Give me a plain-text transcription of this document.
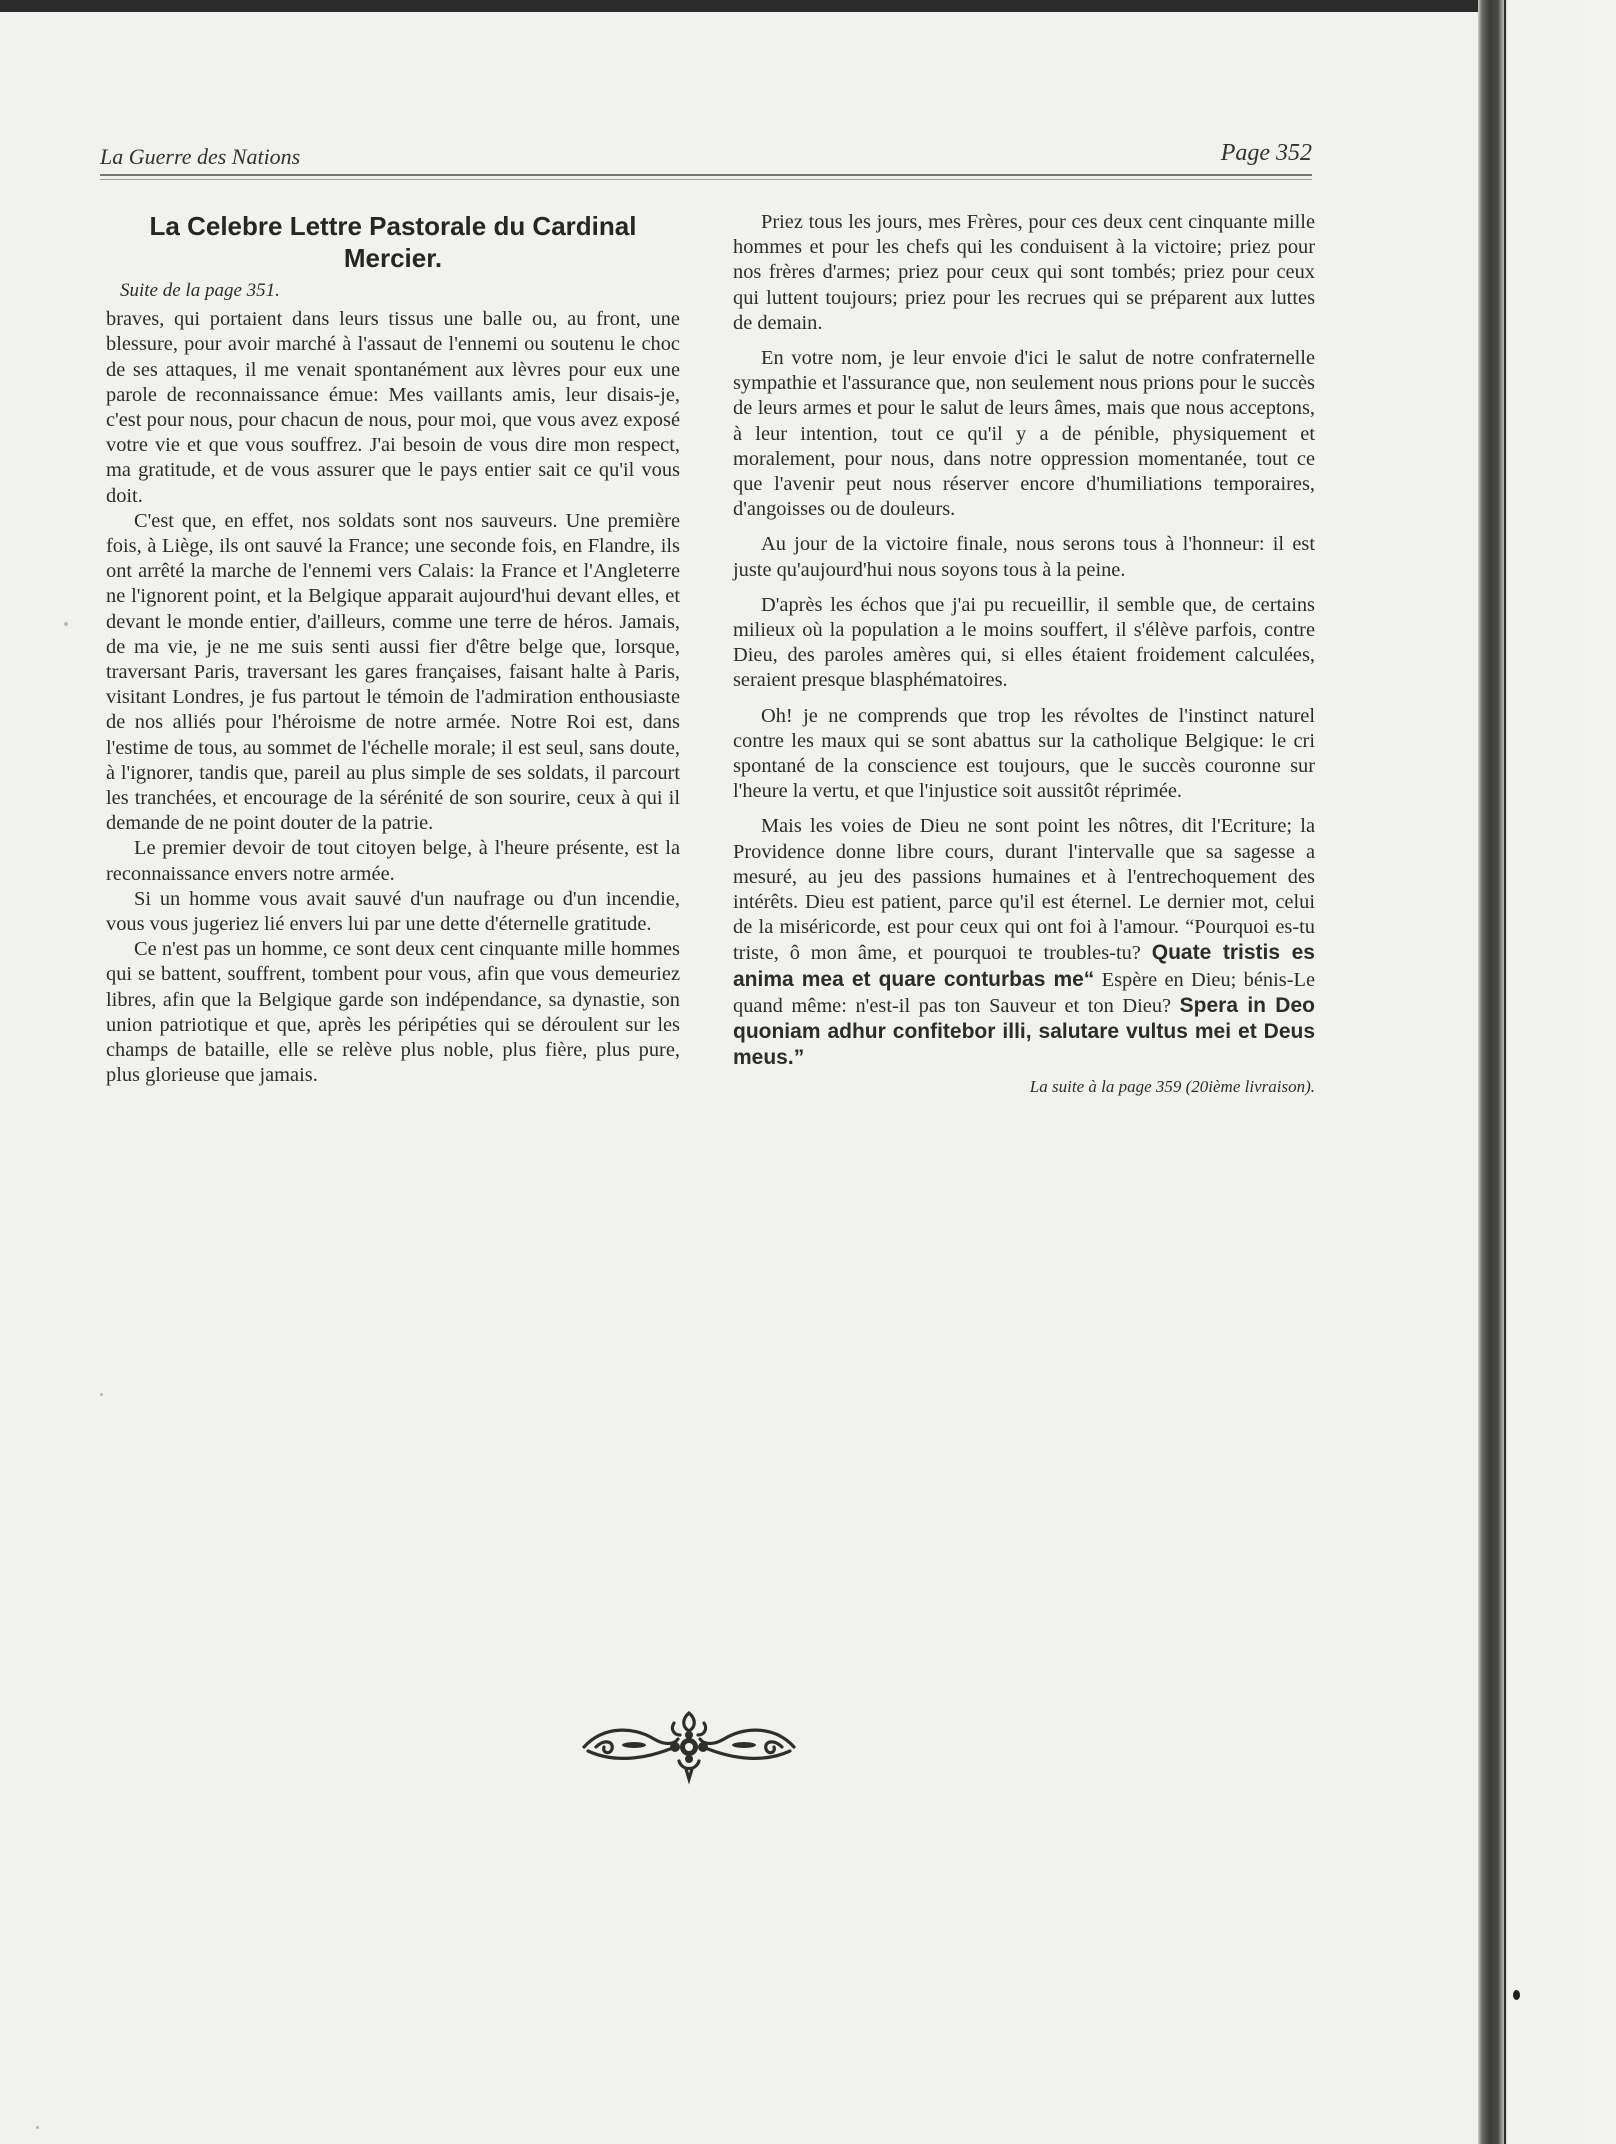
La Guerre des Nations	Page 352
La Celebre Lettre Pastorale du Cardinal Mercier.
Suite de la page 351.

braves, qui portaient dans leurs tissus une balle ou, au front, une blessure, pour avoir marché à l'assaut de l'ennemi ou soutenu le choc de ses attaques, il me venait spontanément aux lèvres pour eux une parole de reconnaissance émue: Mes vaillants amis, leur disais-je, c'est pour nous, pour chacun de nous, pour moi, que vous avez exposé votre vie et que vous souffrez. J'ai besoin de vous dire mon respect, ma gratitude, et de vous assurer que le pays entier sait ce qu'il vous doit.

C'est que, en effet, nos soldats sont nos sauveurs. Une première fois, à Liège, ils ont sauvé la France; une seconde fois, en Flandre, ils ont arrêté la marche de l'ennemi vers Calais: la France et l'Angleterre ne l'ignorent point, et la Belgique apparait aujourd'hui devant elles, et devant le monde entier, d'ailleurs, comme une terre de héros. Jamais, de ma vie, je ne me suis senti aussi fier d'être belge que, lorsque, traversant Paris, traversant les gares françaises, faisant halte à Paris, visitant Londres, je fus partout le témoin de l'admiration enthousiaste de nos alliés pour l'héroisme de notre armée. Notre Roi est, dans l'estime de tous, au sommet de l'échelle morale; il est seul, sans doute, à l'ignorer, tandis que, pareil au plus simple de ses soldats, il parcourt les tranchées, et encourage de la sérénité de son sourire, ceux à qui il demande de ne point douter de la patrie.

Le premier devoir de tout citoyen belge, à l'heure présente, est la reconnaissance envers notre armée.

Si un homme vous avait sauvé d'un naufrage ou d'un incendie, vous vous jugeriez lié envers lui par une dette d'éternelle gratitude.

Ce n'est pas un homme, ce sont deux cent cinquante mille hommes qui se battent, souffrent, tombent pour vous, afin que vous demeuriez libres, afin que la Belgique garde son indépendance, sa dynastie, son union patriotique et que, après les péripéties qui se déroulent sur les champs de bataille, elle se relève plus noble, plus fière, plus pure, plus glorieuse que jamais.

Priez tous les jours, mes Frères, pour ces deux cent cinquante mille hommes et pour les chefs qui les conduisent à la victoire; priez pour nos frères d'armes; priez pour ceux qui sont tombés; priez pour ceux qui luttent toujours; priez pour les recrues qui se préparent aux luttes de demain.

En votre nom, je leur envoie d'ici le salut de notre confraternelle sympathie et l'assurance que, non seulement nous prions pour le succès de leurs armes et pour le salut de leurs âmes, mais que nous acceptons, à leur intention, tout ce qu'il y a de pénible, physiquement et moralement, pour nous, dans notre oppression momentanée, tout ce que l'avenir peut nous réserver encore d'humiliations temporaires, d'angoisses ou de douleurs.

Au jour de la victoire finale, nous serons tous à l'honneur: il est juste qu'aujourd'hui nous soyons tous à la peine.

D'après les échos que j'ai pu recueillir, il semble que, de certains milieux où la population a le moins souffert, il s'élève parfois, contre Dieu, des paroles amères qui, si elles étaient froidement calculées, seraient presque blasphématoires.

Oh! je ne comprends que trop les révoltes de l'instinct naturel contre les maux qui se sont abattus sur la catholique Belgique: le cri spontané de la conscience est toujours, que le succès couronne sur l'heure la vertu, et que l'injustice soit aussitôt réprimée.

Mais les voies de Dieu ne sont point les nôtres, dit l'Ecriture; la Providence donne libre cours, durant l'intervalle que sa sagesse a mesuré, au jeu des passions humaines et à l'entrechoquement des intérêts. Dieu est patient, parce qu'il est éternel. Le dernier mot, celui de la miséricorde, est pour ceux qui ont foi à l'amour. “Pourquoi es-tu triste, ô mon âme, et pourquoi te troubles-tu? Quate tristis es anima mea et quare conturbas me“ Espère en Dieu; bénis-Le quand même: n'est-il pas ton Sauveur et ton Dieu? Spera in Deo quoniam adhur confitebor illi, salutare vultus mei et Deus meus.”

La suite à la page 359 (20ième livraison).
